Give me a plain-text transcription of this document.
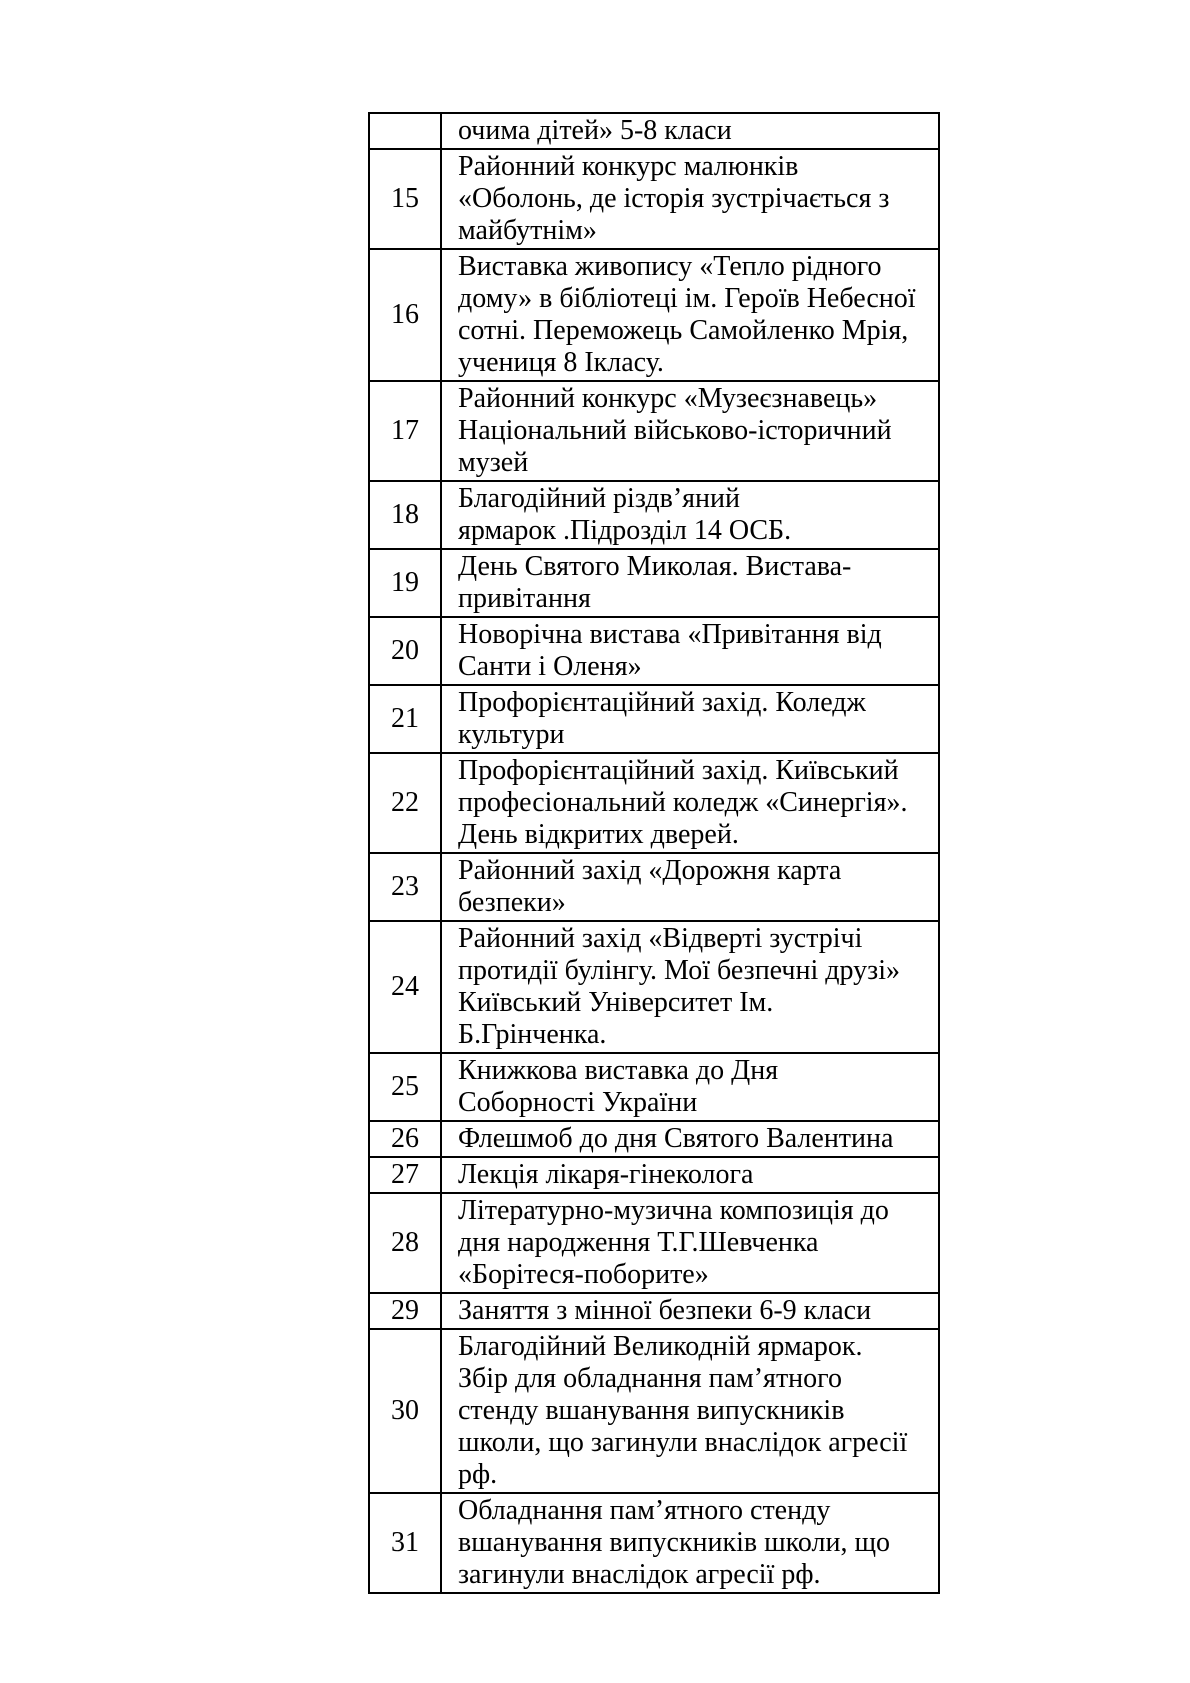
	очима дітей» 5-8 класи

15	Районний конкурс малюнків
«Оболонь, де історія зустрічається з
майбутнім»

16	Виставка живопису «Тепло рідного
дому» в бібліотеці ім. Героїв Небесної
сотні. Переможець Самойленко Мрія,
учениця 8 Ікласу.

17	Районний конкурс «Музеєзнавець»
Національний військово-історичний
музей

18	Благодійний різдв’яний
ярмарок .Підрозділ 14 ОСБ.

19	День Святого Миколая. Вистава-
привітання

20	Новорічна вистава «Привітання від
Санти і Оленя»

21	Профорієнтаційний захід. Коледж
культури

22	Профорієнтаційний захід. Київський
професіональний коледж «Синергія».
День відкритих дверей.

23	Районний захід «Дорожня карта
безпеки»

24	Районний захід «Відверті зустрічі
протидії булінгу. Мої безпечні друзі»
Київський Університет Ім.
Б.Грінченка.

25	Книжкова виставка до Дня
Соборності України

26	Флешмоб до дня Святого Валентина

27	Лекція лікаря-гінеколога

28	Літературно-музична композиція до
дня народження Т.Г.Шевченка
«Борітеся-поборите»

29	Заняття з мінної безпеки 6-9 класи

30	Благодійний Великодній ярмарок.
Збір для обладнання пам’ятного
стенду вшанування випускників
школи, що загинули внаслідок агресії
рф.

31	Обладнання пам’ятного стенду
вшанування випускників школи, що
загинули внаслідок агресії рф.
